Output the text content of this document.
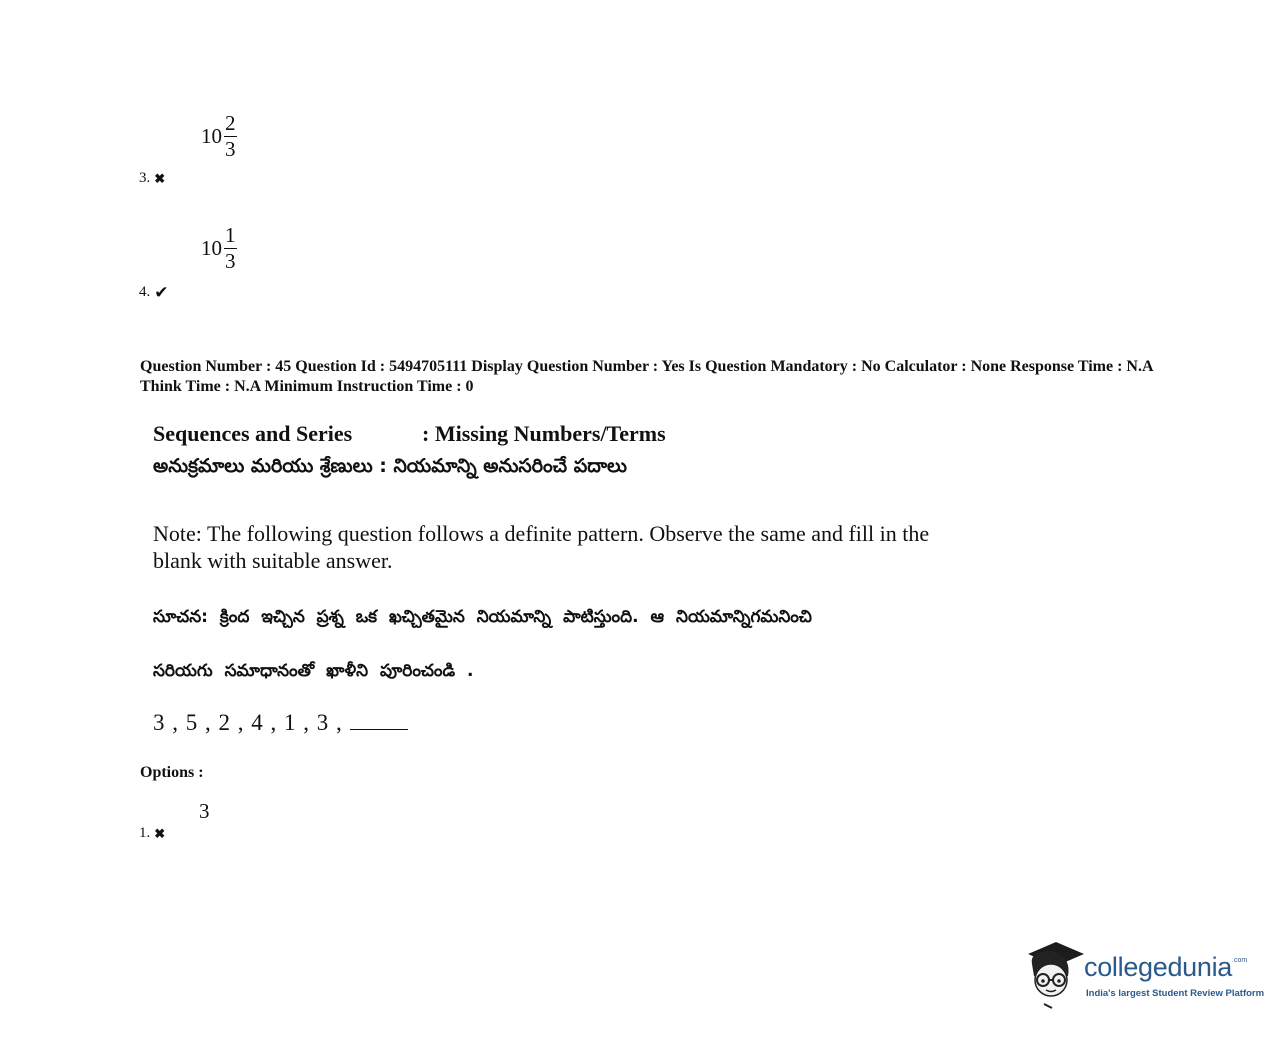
$10 \frac{2}{3}$
3. ✖
$10 \frac{1}{3}$
4. ✔
Question Number : 45 Question Id : 5494705111 Display Question Number : Yes Is Question Mandatory : No Calculator : None Response Time : N.A Think Time : N.A Minimum Instruction Time : 0
Sequences and Series	: Missing Numbers/Terms
అనుక్రమాలు మరియు శ్రేణులు : నియమాన్ని అనుసరించే పదాలు
Note: The following question follows a definite pattern. Observe the same and fill in the blank with suitable answer.
సూచన: క్రింద ఇచ్చిన ప్రశ్న ఒక ఖచ్చితమైన నియమాన్ని పాటిస్తుంది. ఆ నియమాన్నిగమనించి
సరియగు సమాధానంతో ఖాళీని పూరించండి .
3 , 5 , 2 , 4 , 1 , 3 ,
Options :
3
1. ✖
collegedunia$^{.com}$
India's largest Student Review Platform
